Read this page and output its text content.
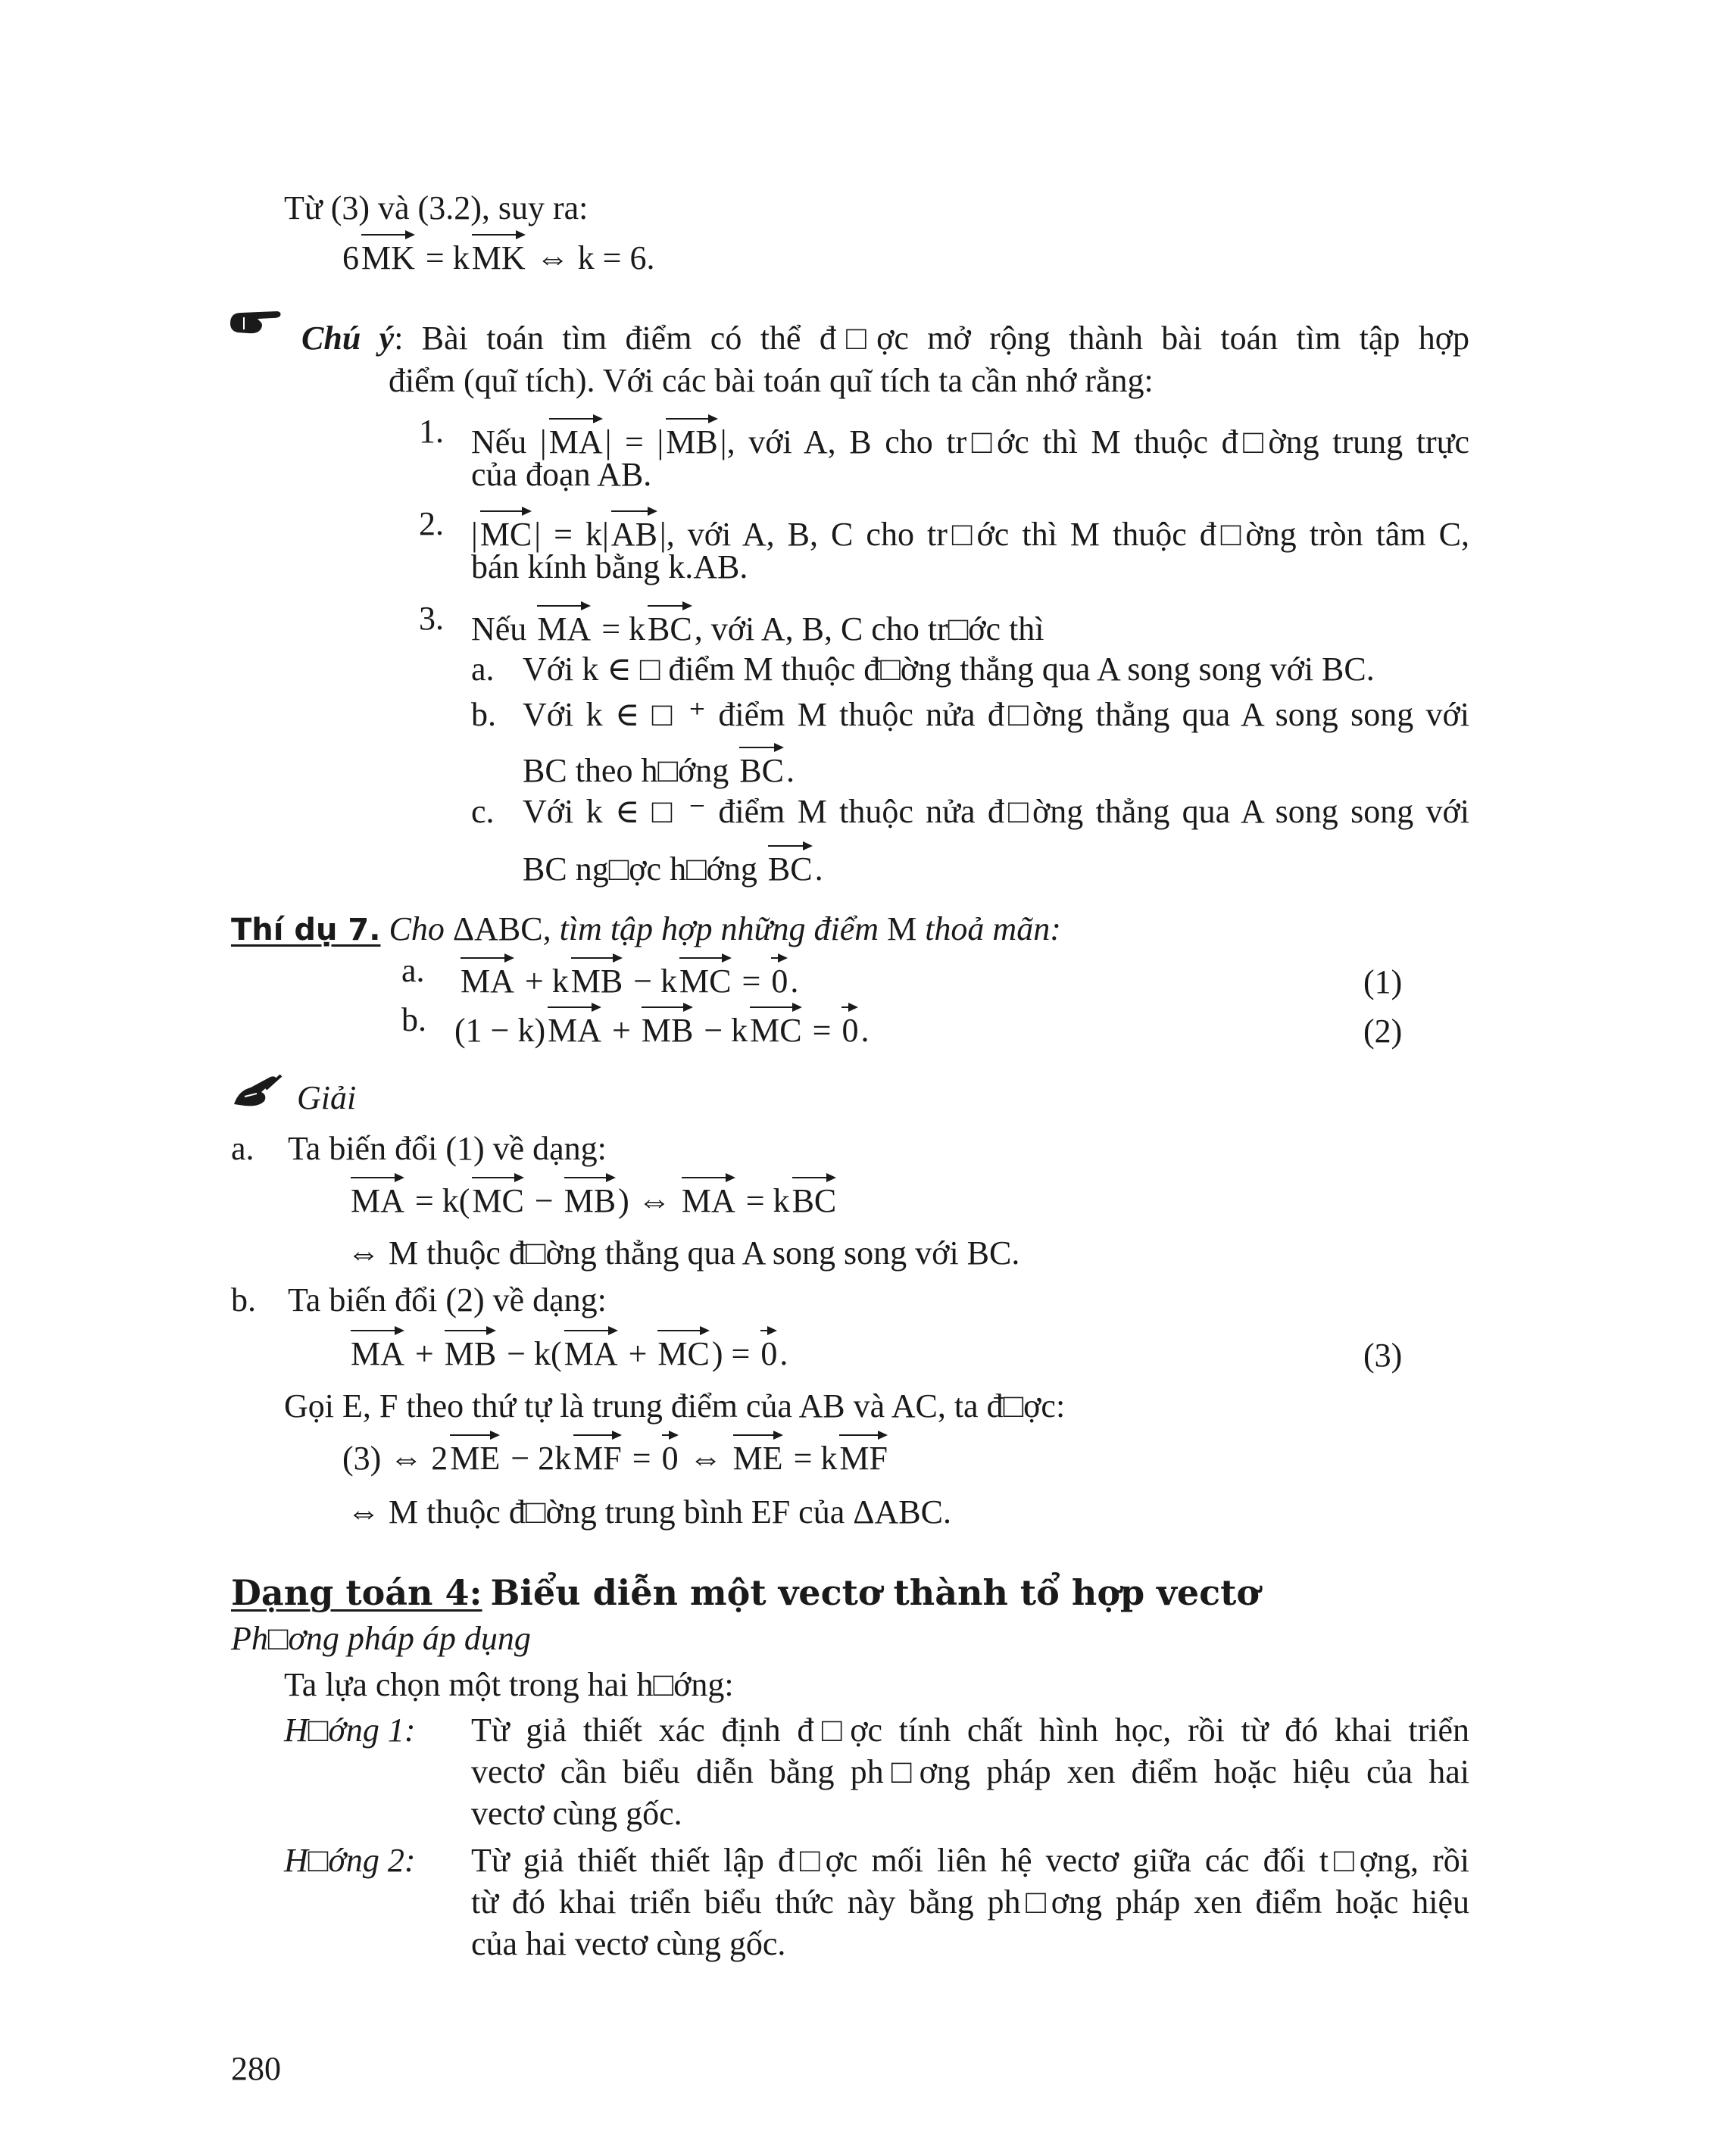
Từ (3) và (3.2), suy ra:
6MK = kMK ⇔ k = 6.
Chú ý: Bài toán tìm điểm có thể đ□ợc mở rộng thành bài toán tìm tập hợp
điểm (quĩ tích). Với các bài toán quĩ tích ta cần nhớ rằng:
1. Nếu |MA| = |MB|, với A, B cho tr□ớc thì M thuộc đ□ờng trung trực
của đoạn AB.
2. |MC| = k|AB|, với A, B, C cho tr□ớc thì M thuộc đ□ờng tròn tâm C,
bán kính bằng k.AB.
3. Nếu MA = kBC, với A, B, C cho tr□ớc thì
a. Với k ∈ □ điểm M thuộc đ□ờng thẳng qua A song song với BC.
b. Với k ∈ □ ⁺ điểm M thuộc nửa đ□ờng thẳng qua A song song với
BC theo h□ớng BC.
c. Với k ∈ □ ⁻ điểm M thuộc nửa đ□ờng thẳng qua A song song với
BC ng□ợc h□ớng BC.
Thí dụ 7. Cho ΔABC, tìm tập hợp những điểm M thoả mãn:
a. MA + kMB − kMC = 0.	(1)
b. (1 − k)MA + MB − kMC = 0.	(2)
Giải
a. Ta biến đổi (1) về dạng:
MA = k(MC − MB) ⇔ MA = kBC
⇔ M thuộc đ□ờng thẳng qua A song song với BC.
b. Ta biến đổi (2) về dạng:
MA + MB − k(MA + MC) = 0.	(3)
Gọi E, F theo thứ tự là trung điểm của AB và AC, ta đ□ợc:
(3) ⇔ 2ME − 2kMF = 0 ⇔ ME = kMF
⇔ M thuộc đ□ờng trung bình EF của ΔABC.
Dạng toán 4: Biểu diễn một vectơ thành tổ hợp vectơ
Ph□ơng pháp áp dụng
Ta lựa chọn một trong hai h□ớng:
H□ớng 1: Từ giả thiết xác định đ□ợc tính chất hình học, rồi từ đó khai triển
vectơ cần biểu diễn bằng ph□ơng pháp xen điểm hoặc hiệu của hai
vectơ cùng gốc.
H□ớng 2: Từ giả thiết thiết lập đ□ợc mối liên hệ vectơ giữa các đối t□ợng, rồi
từ đó khai triển biểu thức này bằng ph□ơng pháp xen điểm hoặc hiệu
của hai vectơ cùng gốc.
280
